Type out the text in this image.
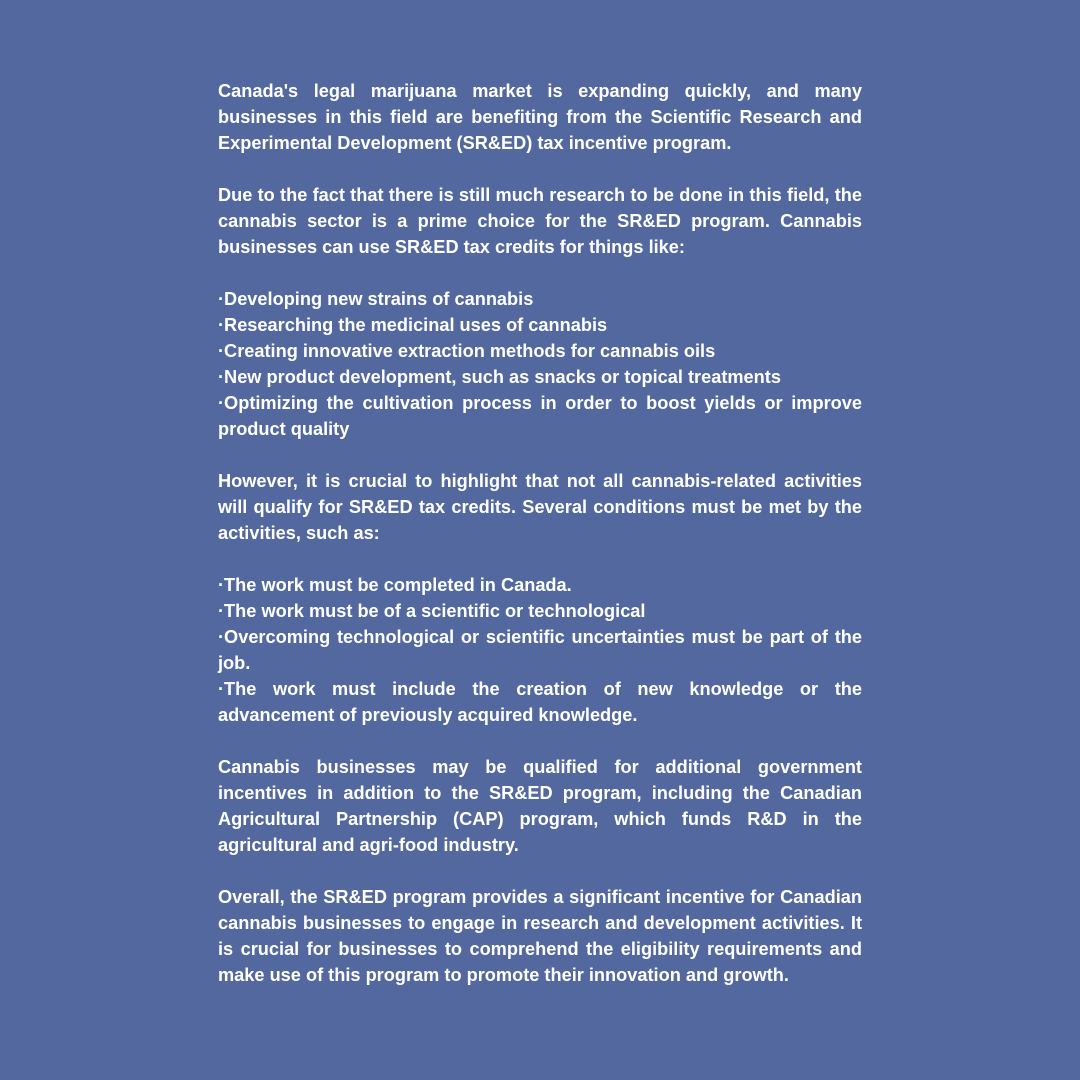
Canada's legal marijuana market is expanding quickly, and many businesses in this field are benefiting from the Scientific Research and Experimental Development (SR&ED) tax incentive program.

Due to the fact that there is still much research to be done in this field, the cannabis sector is a prime choice for the SR&ED program. Cannabis businesses can use SR&ED tax credits for things like:

·Developing new strains of cannabis
·Researching the medicinal uses of cannabis
·Creating innovative extraction methods for cannabis oils
·New product development, such as snacks or topical treatments
·Optimizing the cultivation process in order to boost yields or improve product quality

However, it is crucial to highlight that not all cannabis-related activities will qualify for SR&ED tax credits. Several conditions must be met by the activities, such as:

·The work must be completed in Canada.
·The work must be of a scientific or technological
·Overcoming technological or scientific uncertainties must be part of the job.
·The work must include the creation of new knowledge or the advancement of previously acquired knowledge.

Cannabis businesses may be qualified for additional government incentives in addition to the SR&ED program, including the Canadian Agricultural Partnership (CAP) program, which funds R&D in the agricultural and agri-food industry.

Overall, the SR&ED program provides a significant incentive for Canadian cannabis businesses to engage in research and development activities. It is crucial for businesses to comprehend the eligibility requirements and make use of this program to promote their innovation and growth.
